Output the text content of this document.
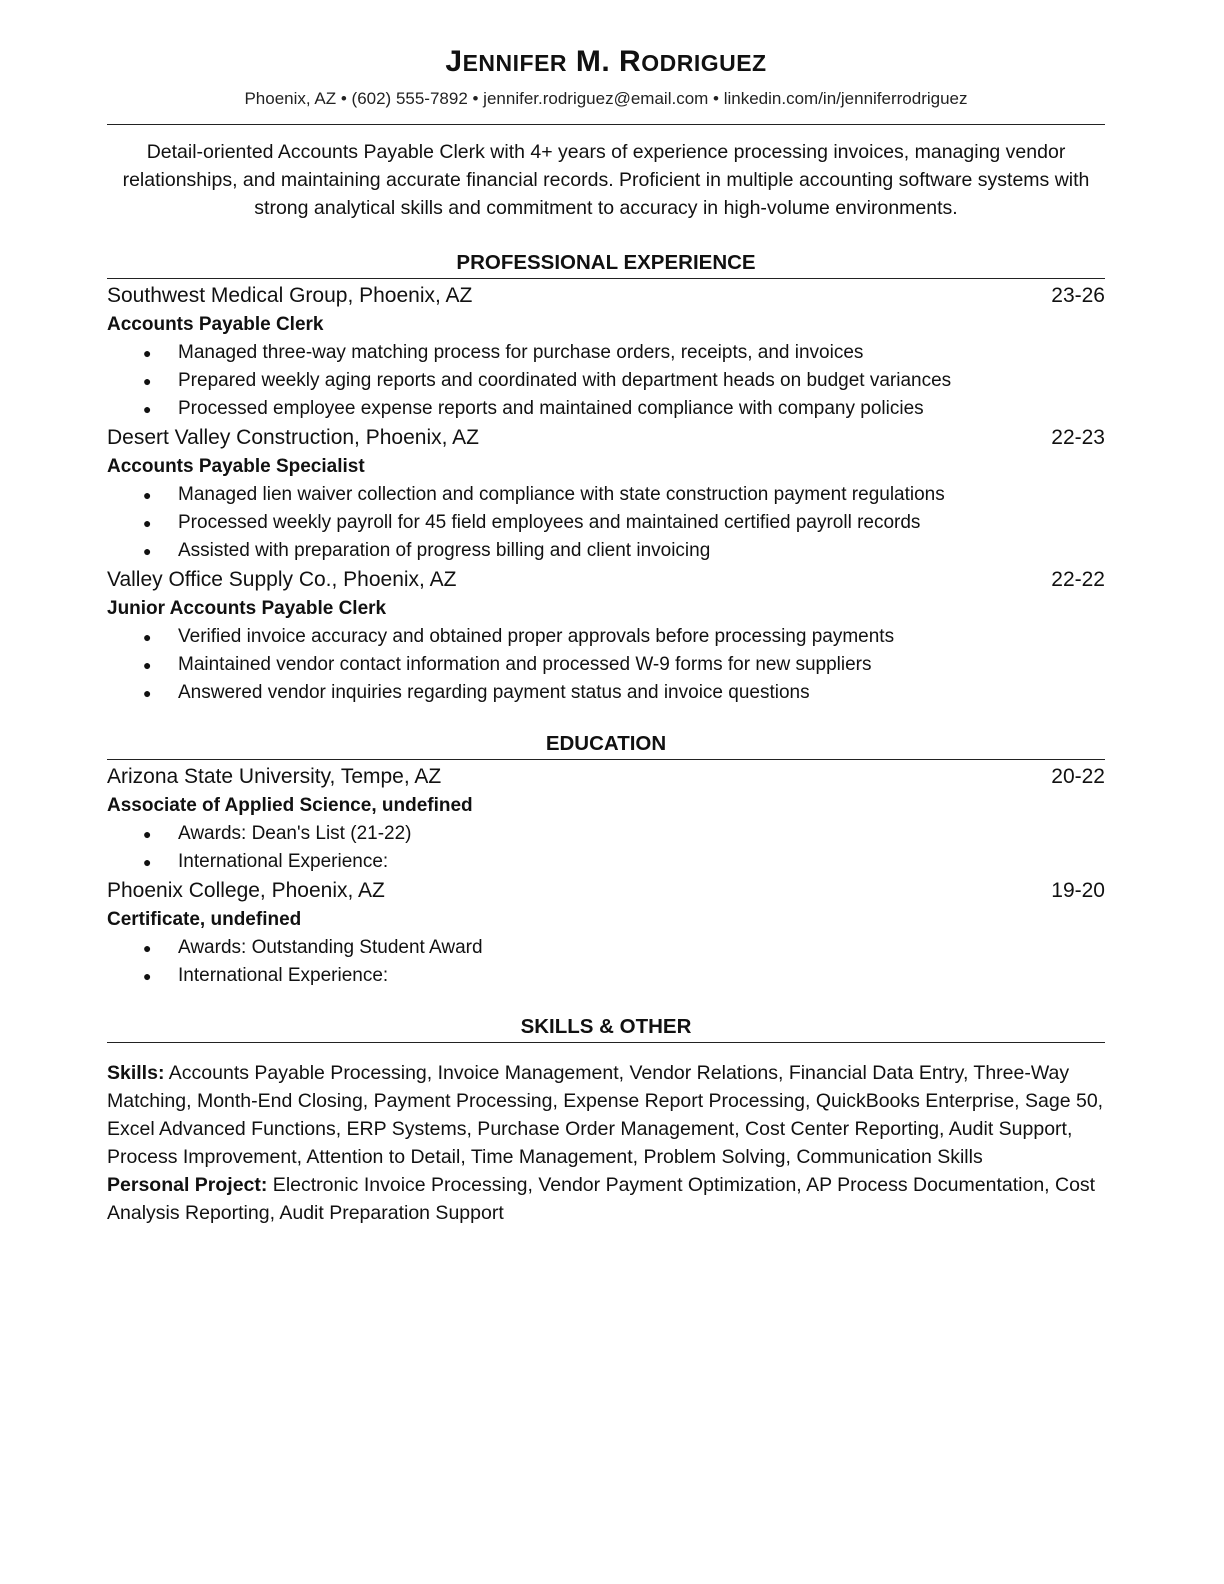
JENNIFER M. RODRIGUEZ
Phoenix, AZ • (602) 555-7892 • jennifer.rodriguez@email.com • linkedin.com/in/jenniferrodriguez
Detail-oriented Accounts Payable Clerk with 4+ years of experience processing invoices, managing vendor relationships, and maintaining accurate financial records. Proficient in multiple accounting software systems with strong analytical skills and commitment to accuracy in high-volume environments.
PROFESSIONAL EXPERIENCE
Southwest Medical Group, Phoenix, AZ	23-26
Accounts Payable Clerk
● Managed three-way matching process for purchase orders, receipts, and invoices
● Prepared weekly aging reports and coordinated with department heads on budget variances
● Processed employee expense reports and maintained compliance with company policies
Desert Valley Construction, Phoenix, AZ	22-23
Accounts Payable Specialist
● Managed lien waiver collection and compliance with state construction payment regulations
● Processed weekly payroll for 45 field employees and maintained certified payroll records
● Assisted with preparation of progress billing and client invoicing
Valley Office Supply Co., Phoenix, AZ	22-22
Junior Accounts Payable Clerk
● Verified invoice accuracy and obtained proper approvals before processing payments
● Maintained vendor contact information and processed W-9 forms for new suppliers
● Answered vendor inquiries regarding payment status and invoice questions
EDUCATION
Arizona State University, Tempe, AZ	20-22
Associate of Applied Science, undefined
● Awards: Dean's List (21-22)
● International Experience:
Phoenix College, Phoenix, AZ	19-20
Certificate, undefined
● Awards: Outstanding Student Award
● International Experience:
SKILLS & OTHER

Skills: Accounts Payable Processing, Invoice Management, Vendor Relations, Financial Data Entry, Three-Way Matching, Month-End Closing, Payment Processing, Expense Report Processing, QuickBooks Enterprise, Sage 50, Excel Advanced Functions, ERP Systems, Purchase Order Management, Cost Center Reporting, Audit Support, Process Improvement, Attention to Detail, Time Management, Problem Solving, Communication Skills

Personal Project: Electronic Invoice Processing, Vendor Payment Optimization, AP Process Documentation, Cost Analysis Reporting, Audit Preparation Support
